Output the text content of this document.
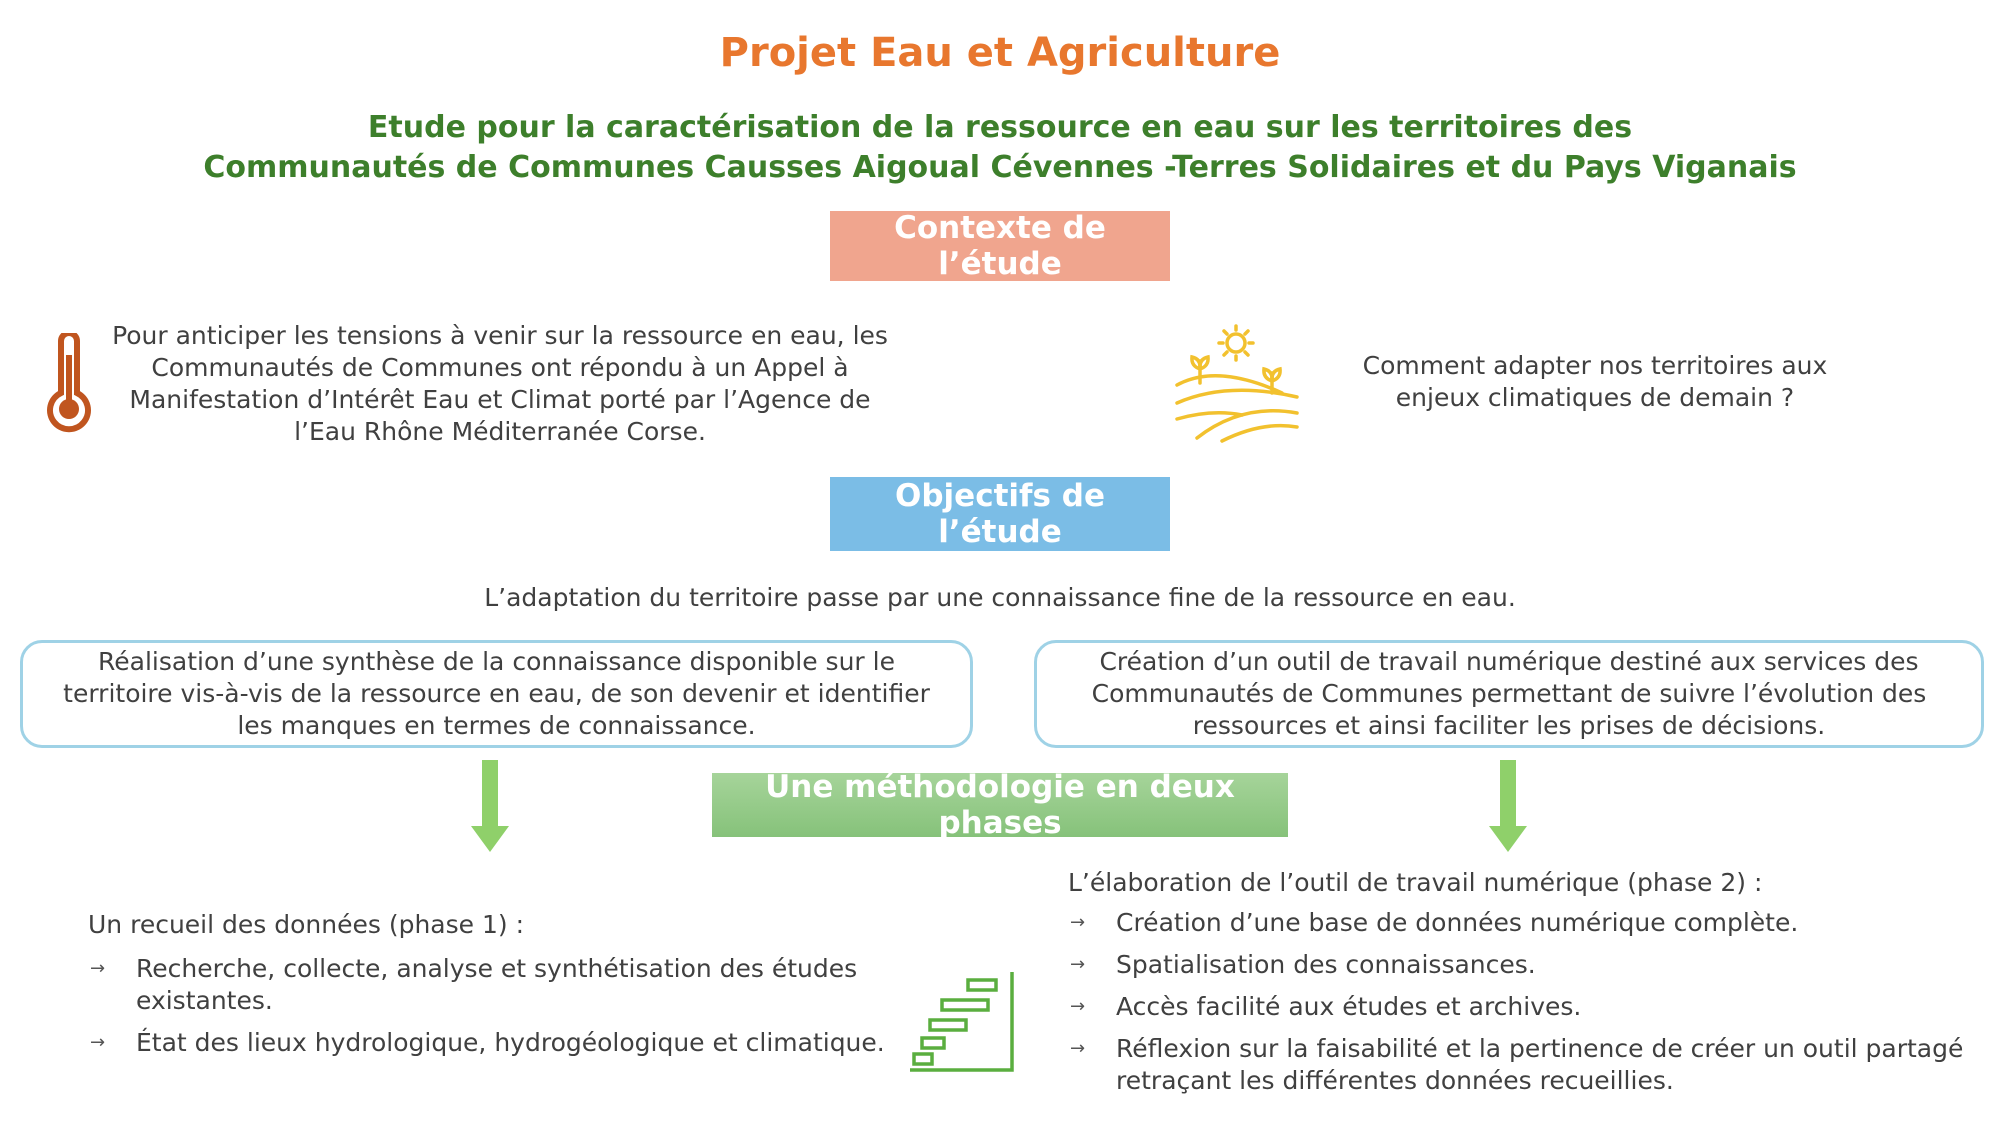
Projet Eau et Agriculture
Etude pour la caractérisation de la ressource en eau sur les territoires des
Communautés de Communes Causses Aigoual Cévennes -Terres Solidaires et du Pays Viganais
Contexte de l’étude
Pour anticiper les tensions à venir sur la ressource en eau, les Communautés de Communes ont répondu à un Appel à Manifestation d’Intérêt Eau et Climat porté par l’Agence de l’Eau Rhône Méditerranée Corse.
Comment adapter nos territoires aux enjeux climatiques de demain ?
Objectifs de l’étude
L’adaptation du territoire passe par une connaissance fine de la ressource en eau.
Réalisation d’une synthèse de la connaissance disponible sur le territoire vis-à-vis de la ressource en eau, de son devenir et identifier les manques en termes de connaissance.
Création d’un outil de travail numérique destiné aux services des Communautés de Communes permettant de suivre l’évolution des ressources et ainsi faciliter les prises de décisions.
Une méthodologie en deux phases
Un recueil des données (phase 1) :
→ Recherche, collecte, analyse et synthétisation des études existantes.
→ État des lieux hydrologique, hydrogéologique et climatique.
L’élaboration de l’outil de travail numérique (phase 2) :
→ Création d’une base de données numérique complète.
→ Spatialisation des connaissances.
→ Accès facilité aux études et archives.
→ Réflexion sur la faisabilité et la pertinence de créer un outil partagé retraçant les différentes données recueillies.
